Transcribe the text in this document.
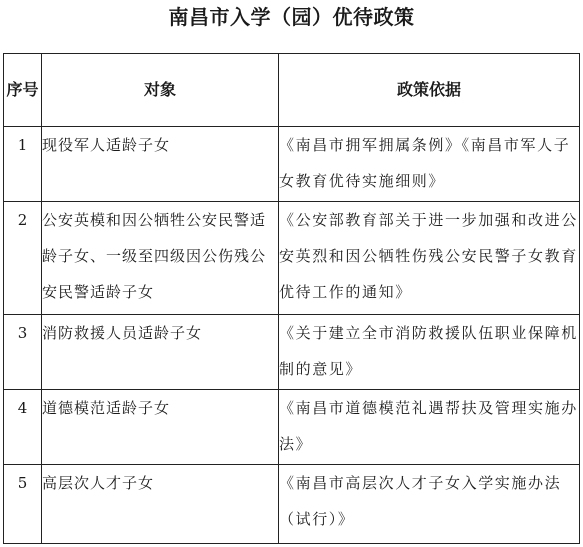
南昌市入学（园）优待政策
序号	对象	政策依据
1	现役军人适龄子女	《南昌市拥军拥属条例》《南昌市军人子女教育优待实施细则》
2	公安英模和因公牺牲公安民警适龄子女、一级至四级因公伤残公安民警适龄子女	《公安部教育部关于进一步加强和改进公安英烈和因公牺牲伤残公安民警子女教育优待工作的通知》
3	消防救援人员适龄子女	《关于建立全市消防救援队伍职业保障机制的意见》
4	道德模范适龄子女	《南昌市道德模范礼遇帮扶及管理实施办法》
5	高层次人才子女	《南昌市高层次人才子女入学实施办法（试行）》
